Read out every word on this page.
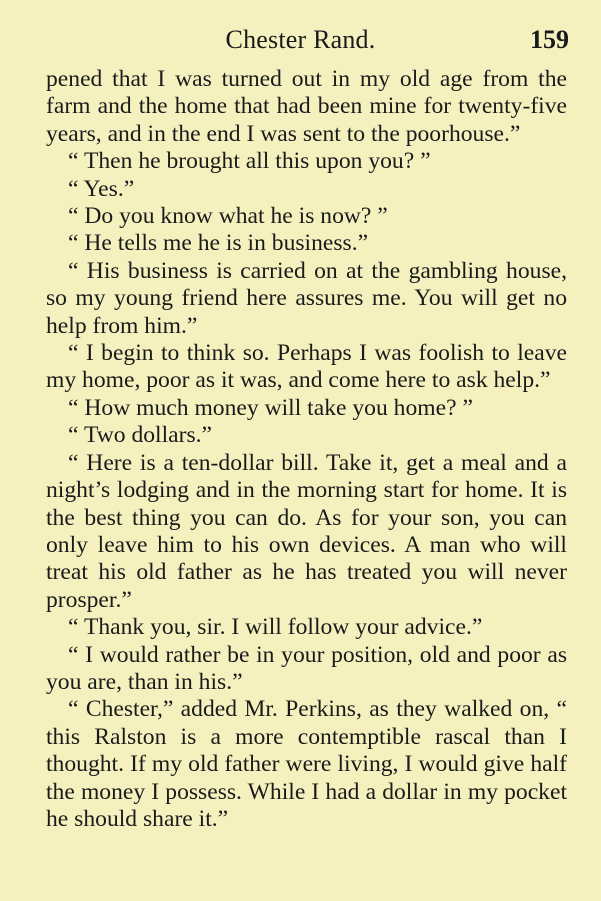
Chester Rand.	159

pened that I was turned out in my old age from the farm and the home that had been mine for twenty-five years, and in the end I was sent to the poorhouse.”

“ Then he brought all this upon you? ”

“ Yes.”

“ Do you know what he is now? ”

“ He tells me he is in business.”

“ His business is carried on at the gambling house, so my young friend here assures me. You will get no help from him.”

“ I begin to think so. Perhaps I was foolish to leave my home, poor as it was, and come here to ask help.”

“ How much money will take you home? ”

“ Two dollars.”

“ Here is a ten-dollar bill. Take it, get a meal and a night’s lodging and in the morning start for home. It is the best thing you can do. As for your son, you can only leave him to his own devices. A man who will treat his old father as he has treated you will never prosper.”

“ Thank you, sir. I will follow your advice.”

“ I would rather be in your position, old and poor as you are, than in his.”

“ Chester,” added Mr. Perkins, as they walked on, “ this Ralston is a more contemptible rascal than I thought. If my old father were living, I would give half the money I possess. While I had a dollar in my pocket he should share it.”
